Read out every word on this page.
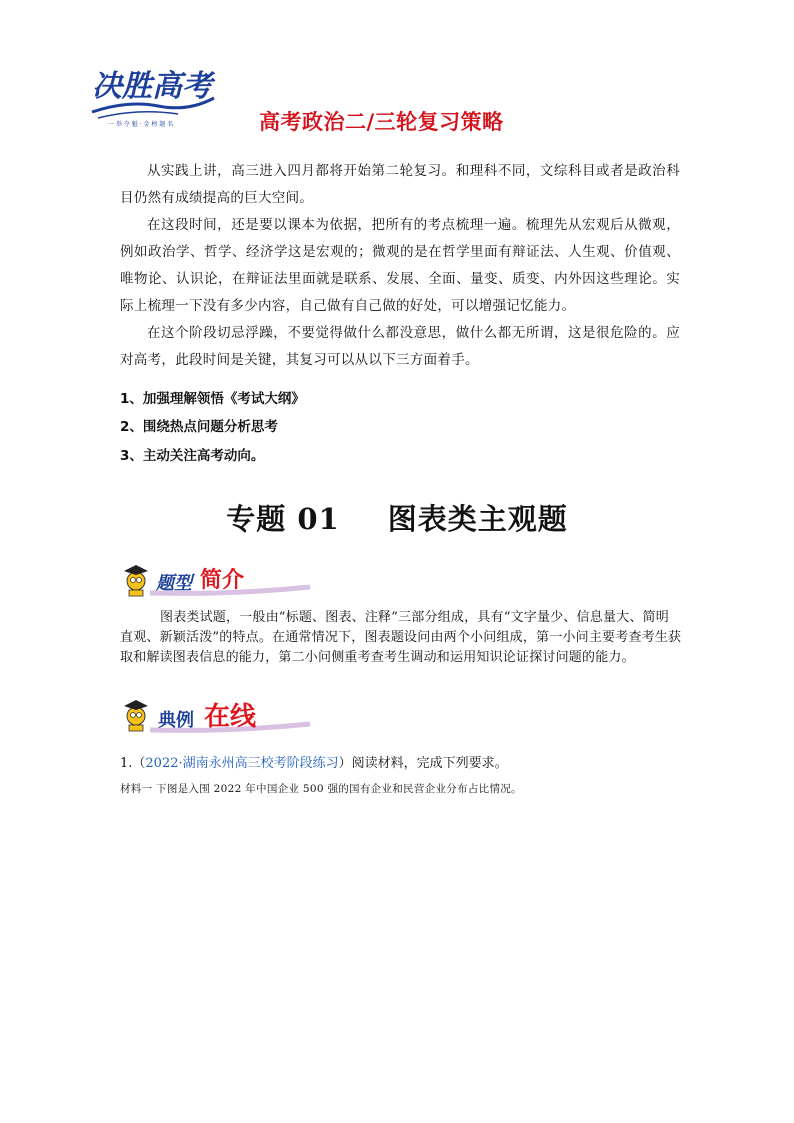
决胜高考
一 举 夺 魁 · 金 榜 题 名	高考政治二/三轮复习策略

从实践上讲，高三进入四月都将开始第二轮复习。和理科不同，文综科目或者是政治科目仍然有成绩提高的巨大空间。

在这段时间，还是要以课本为依据，把所有的考点梳理一遍。梳理先从宏观后从微观，例如政治学、哲学、经济学这是宏观的；微观的是在哲学里面有辩证法、人生观、价值观、唯物论、认识论，在辩证法里面就是联系、发展、全面、量变、质变、内外因这些理论。实际上梳理一下没有多少内容，自己做有自己做的好处，可以增强记忆能力。

在这个阶段切忌浮躁，不要觉得做什么都没意思，做什么都无所谓，这是很危险的。应对高考，此段时间是关键，其复习可以从以下三方面着手。

1、加强理解领悟《考试大纲》

2、围绕热点问题分析思考

3、主动关注高考动向。

专题 01 图表类主观题
题型 简介

图表类试题，一般由“标题、图表、注释”三部分组成，具有“文字量少、信息量大、简明直观、新颖活泼”的特点。在通常情况下，图表题设问由两个小问组成，第一小问主要考查考生获取和解读图表信息的能力，第二小问侧重考查考生调动和运用知识论证探讨问题的能力。

典例 在线

1.（2022·湖南永州高三校考阶段练习）阅读材料，完成下列要求。

材料一 下图是入围 2022 年中国企业 500 强的国有企业和民营企业分布占比情况。
